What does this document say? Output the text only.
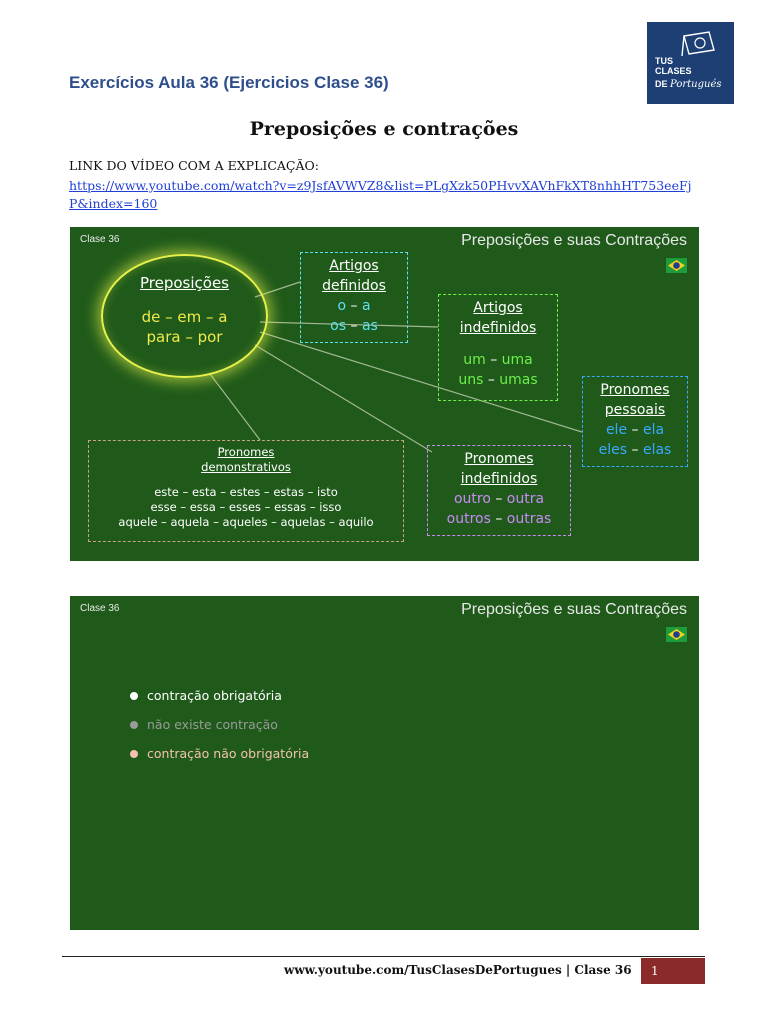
Exercícios Aula 36 (Ejercicios Clase 36)
TUS
CLASES
DE Portugués
Preposições e contrações
LINK DO VÍDEO COM A EXPLICAÇÃO:
https://www.youtube.com/watch?v=z9JsfAVWVZ8&list=PLgXzk50PHvvXAVhFkXT8nhhHT753eeFjP&index=160
Clase 36	Preposições e suas Contrações
Preposições
de – em – a
para – por
Artigos
definidos
o – a
os – as
Artigos
indefinidos
um – uma
uns – umas
Pronomes
pessoais
ele – ela
eles – elas
Pronomes
indefinidos
outro – outra
outros – outras
Pronomes
demonstrativos
este – esta – estes – estas – isto
esse – essa – esses – essas – isso
aquele – aquela – aqueles – aquelas – aquilo
Clase 36	Preposições e suas Contrações
contração obrigatória
não existe contração
contração não obrigatória
www.youtube.com/TusClasesDePortugues | Clase 36 1
